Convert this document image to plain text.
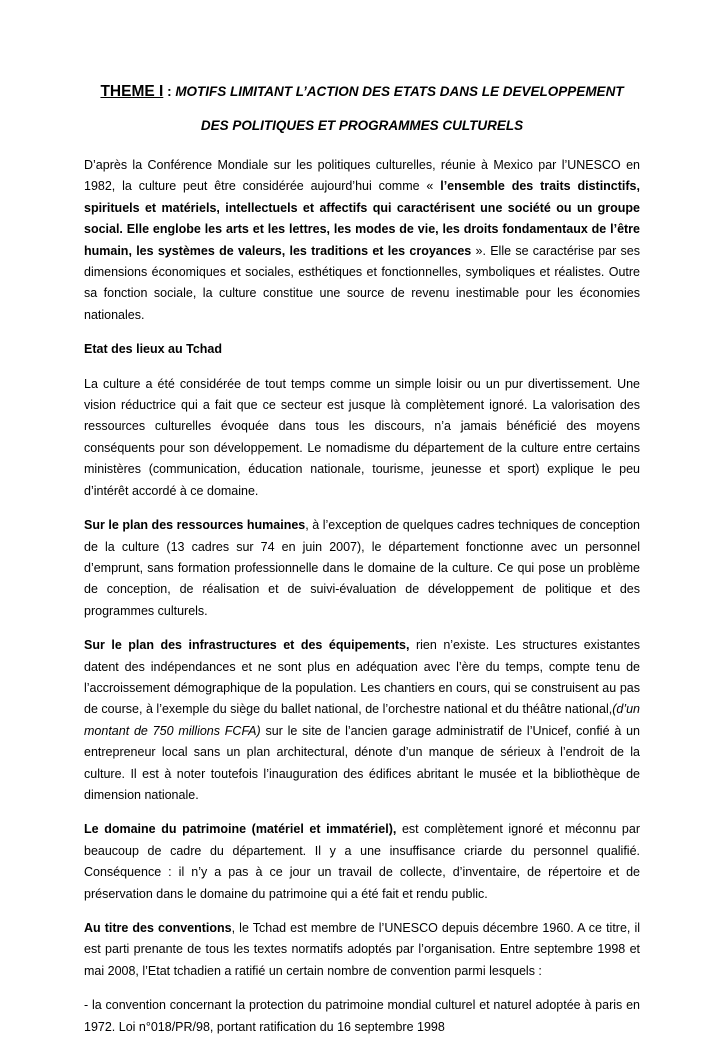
THEME I : MOTIFS LIMITANT L’ACTION DES ETATS DANS LE DEVELOPPEMENT
DES POLITIQUES ET PROGRAMMES CULTURELS

D’après la Conférence Mondiale sur les politiques culturelles, réunie à Mexico par l’UNESCO en 1982, la culture peut être considérée aujourd’hui comme « l’ensemble des traits distinctifs, spirituels et matériels, intellectuels et affectifs qui caractérisent une société ou un groupe social. Elle englobe les arts et les lettres, les modes de vie, les droits fondamentaux de l’être humain, les systèmes de valeurs, les traditions et les croyances ». Elle se caractérise par ses dimensions économiques et sociales, esthétiques et fonctionnelles, symboliques et réalistes. Outre sa fonction sociale, la culture constitue une source de revenu inestimable pour les économies nationales.

Etat des lieux au Tchad

La culture a été considérée de tout temps comme un simple loisir ou un pur divertissement. Une vision réductrice qui a fait que ce secteur est jusque là complètement ignoré. La valorisation des ressources culturelles évoquée dans tous les discours, n’a jamais bénéficié des moyens conséquents pour son développement. Le nomadisme du département de la culture entre certains ministères (communication, éducation nationale, tourisme, jeunesse et sport) explique le peu d’intérêt accordé à ce domaine.

Sur le plan des ressources humaines, à l’exception de quelques cadres techniques de conception de la culture (13 cadres sur 74 en juin 2007), le département fonctionne avec un personnel d’emprunt, sans formation professionnelle dans le domaine de la culture. Ce qui pose un problème de conception, de réalisation et de suivi-évaluation de développement de politique et des programmes culturels.

Sur le plan des infrastructures et des équipements, rien n’existe. Les structures existantes datent des indépendances et ne sont plus en adéquation avec l’ère du temps, compte tenu de l’accroissement démographique de la population. Les chantiers en cours, qui se construisent au pas de course, à l’exemple du siège du ballet national, de l’orchestre national et du théâtre national,(d’un montant de 750 millions FCFA) sur le site de l’ancien garage administratif de l’Unicef, confié à un entrepreneur local sans un plan architectural, dénote d’un manque de sérieux à l’endroit de la culture. Il est à noter toutefois l’inauguration des édifices abritant le musée et la bibliothèque de dimension nationale.

Le domaine du patrimoine (matériel et immatériel), est complètement ignoré et méconnu par beaucoup de cadre du département. Il y a une insuffisance criarde du personnel qualifié. Conséquence : il n’y a pas à ce jour un travail de collecte, d’inventaire, de répertoire et de préservation dans le domaine du patrimoine qui a été fait et rendu public.

Au titre des conventions, le Tchad est membre de l’UNESCO depuis décembre 1960. A ce titre, il est parti prenante de tous les textes normatifs adoptés par l’organisation. Entre septembre 1998 et mai 2008, l’Etat tchadien a ratifié un certain nombre de convention parmi lesquels :

- la convention concernant la protection du patrimoine mondial culturel et naturel adoptée à paris en 1972. Loi n°018/PR/98, portant ratification du 16 septembre 1998
